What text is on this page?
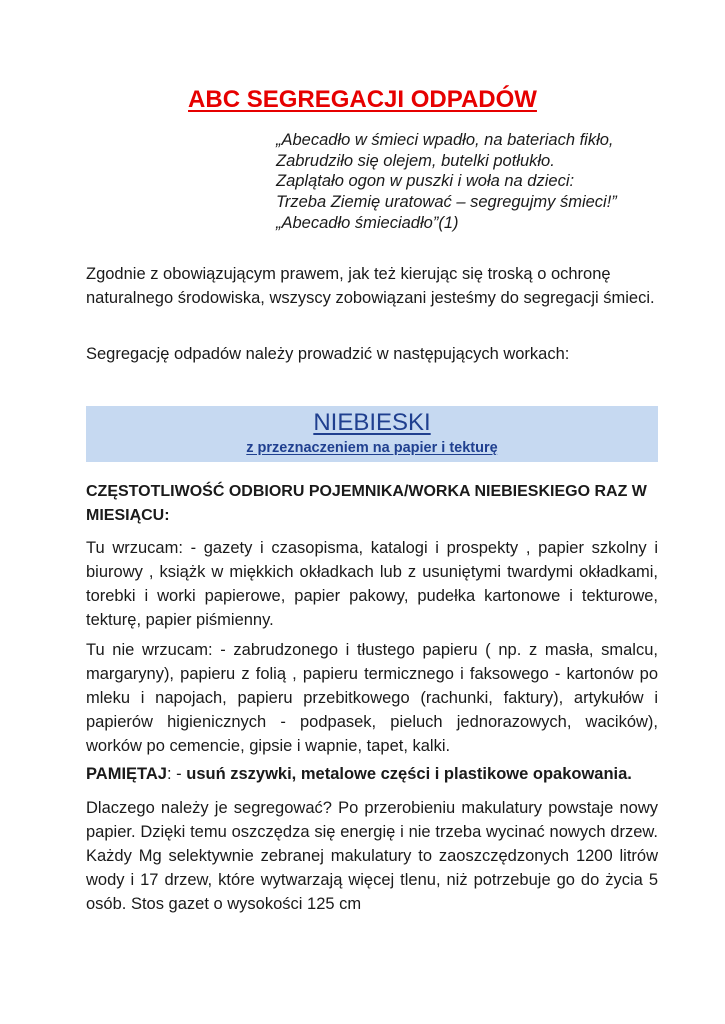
ABC SEGREGACJI ODPADÓW
„Abecadło w śmieci wpadło, na bateriach fikło,
Zabrudziło się olejem, butelki potłukło.
Zaplątało ogon w puszki i woła na dzieci:
Trzeba Ziemię uratować – segregujmy śmieci!”
„Abecadło śmieciadło”(1)

Zgodnie z obowiązującym prawem, jak też kierując się troską o ochronę naturalnego środowiska, wszyscy zobowiązani jesteśmy do segregacji śmieci.

Segregację odpadów należy prowadzić w następujących workach:

NIEBIESKI
z przeznaczeniem na papier i tekturę

CZĘSTOTLIWOŚĆ ODBIORU POJEMNIKA/WORKA NIEBIESKIEGO RAZ W MIESIĄCU:

Tu wrzucam: - gazety i czasopisma, katalogi i prospekty , papier szkolny i biurowy , książk w miękkich okładkach lub z usuniętymi twardymi okładkami, torebki i worki papierowe, papier pakowy, pudełka kartonowe i tekturowe, tekturę, papier piśmienny.

Tu nie wrzucam: - zabrudzonego i tłustego papieru ( np. z masła, smalcu, margaryny), papieru z folią , papieru termicznego i faksowego - kartonów po mleku i napojach, papieru przebitkowego (rachunki, faktury), artykułów i papierów higienicznych - podpasek, pieluch jednorazowych, wacików), worków po cemencie, gipsie i wapnie, tapet, kalki.

PAMIĘTAJ: - usuń zszywki, metalowe części i plastikowe opakowania.

Dlaczego należy je segregować? Po przerobieniu makulatury powstaje nowy papier. Dzięki temu oszczędza się energię i nie trzeba wycinać nowych drzew. Każdy Mg selektywnie zebranej makulatury to zaoszczędzonych 1200 litrów wody i 17 drzew, które wytwarzają więcej tlenu, niż potrzebuje go do życia 5 osób. Stos gazet o wysokości 125 cm
